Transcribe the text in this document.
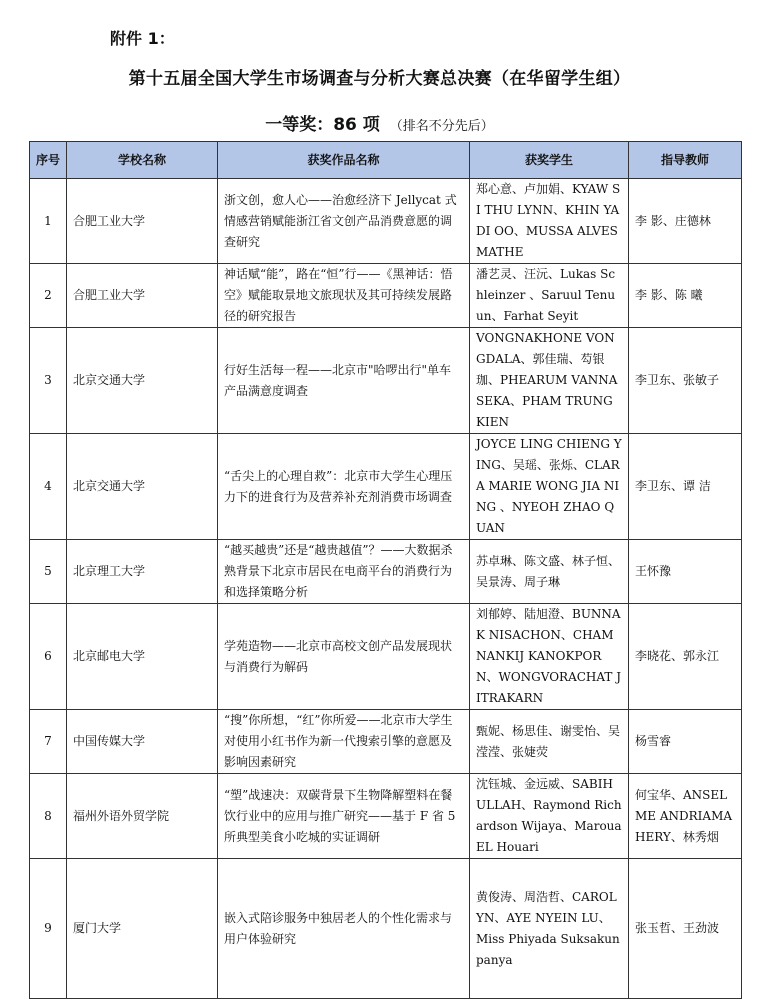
附件 1：
第十五届全国大学生市场调查与分析大赛总决赛（在华留学生组）
一等奖：86 项 （排名不分先后）
序号	学校名称	获奖作品名称	获奖学生	指导教师
1	合肥工业大学	浙文创，愈人心——治愈经济下 Jellycat 式情感营销赋能浙江省文创产品消费意愿的调查研究	郑心意、卢加娟、KYAW SI THU LYNN、KHIN YADI OO、MUSSA ALVES MATHE	李 影、庄德林
2	合肥工业大学	神话赋“能”，路在“恒”行——《黑神话：悟空》赋能取景地文旅现状及其可持续发展路径的研究报告	潘艺灵、汪沅、Lukas Schleinzer 、Saruul Tenuun、Farhat Seyit	李 影、陈 曦
3	北京交通大学	行好生活每一程——北京市"哈啰出行"单车产品满意度调查	VONGNAKHONE VONGDALA、郭佳瑞、芶银珈、PHEARUM VANNASEKA、PHAM TRUNG KIEN	李卫东、张敏子
4	北京交通大学	“舌尖上的心理自救”：北京市大学生心理压力下的进食行为及营养补充剂消费市场调查	JOYCE LING CHIENG YING、吴瑶、张烁、CLARA MARIE WONG JIA NING 、NYEOH ZHAO QUAN	李卫东、谭 洁
5	北京理工大学	“越买越贵”还是“越贵越值”？——大数据杀熟背景下北京市居民在电商平台的消费行为和选择策略分析	苏卓琳、陈文盛、林子恒、吴景涛、周子琳	王怀豫
6	北京邮电大学	学苑造物——北京市高校文创产品发展现状与消费行为解码	刘郁婷、陆旭澄、BUNNAK NISACHON、CHAMNANKIJ KANOKPORN、WONGVORACHAT JITRAKARN	李晓花、郭永江
7	中国传媒大学	“搜”你所想，“红”你所爱——北京市大学生对使用小红书作为新一代搜索引擎的意愿及影响因素研究	甄妮、杨思佳、谢雯怡、吴滢滢、张婕荧	杨雪睿
8	福州外语外贸学院	“塑”战速决：双碳背景下生物降解塑料在餐饮行业中的应用与推广研究——基于 F 省 5 所典型美食小吃城的实证调研	沈钰城、金远威、SABIH ULLAH、Raymond Richardson Wijaya、Maroua EL Houari	何宝华、ANSELME ANDRIAMAHERY、林秀烟
9	厦门大学	嵌入式陪诊服务中独居老人的个性化需求与用户体验研究	黄俊涛、周浩哲、CAROLYN、AYE NYEIN LU、Miss Phiyada Suksakunpanya	张玉哲、王劲波
